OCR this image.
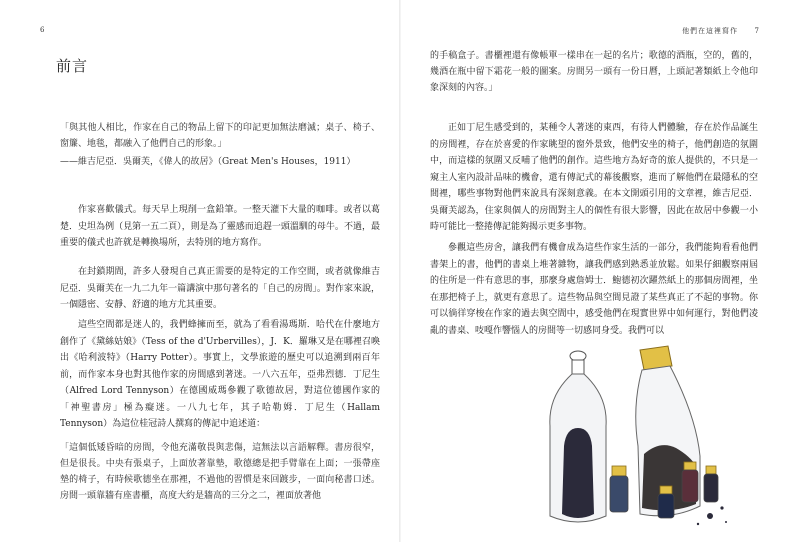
6
前言
「與其他人相比，作家在自己的物品上留下的印記更加無法磨滅；桌子、椅子、窗簾、地毯，都融入了他們自己的形象。」
——維吉尼亞．吳爾芙，《偉人的故居》（Great Men's Houses，1911）

作家喜歡儀式。每天早上現削一盒鉛筆。一整天灌下大量的咖啡。或者以葛楚．史坦為例（見第一五二頁），則是為了靈感而追趕一頭溫馴的母牛。不過，最重要的儀式也許就是轉換場所，去特別的地方寫作。

在封鎖期間，許多人發現自己真正需要的是特定的工作空間，或者就像維吉尼亞．吳爾芙在一九二九年一篇講演中那句著名的「自己的房間」。對作家來說，一個隱密、安靜、舒適的地方尤其重要。

這些空間都是迷人的，我們蜂擁而至，就為了看看湯瑪斯．哈代在什麼地方創作了《黛絲姑娘》（Tess of the d'Urbervilles），J．K．羅琳又是在哪裡召喚出《哈利波特》（Harry Potter）。事實上，文學旅遊的歷史可以追溯到兩百年前，而作家本身也對其他作家的房間感到著迷。一八六五年，亞弗烈德．丁尼生（Alfred Lord Tennyson）在德國威瑪參觀了歌德故居，對這位德國作家的「神聖書房」極為癡迷。一八九七年，其子哈勒姆．丁尼生（Hallam Tennyson）為這位桂冠詩人撰寫的傳記中追述道：

「這個低矮昏暗的房間，令他充滿敬畏與悲傷，這無法以言語解釋。書房很窄，但是很長。中央有張桌子，上面放著靠墊，歌德總是把手臂靠在上面；一張帶座墊的椅子，有時候歌德坐在那裡，不過他的習慣是來回踱步，一面向秘書口述。房間一頭靠牆有座書櫃，高度大約是牆高的三分之二，裡面放著他
他們在這裡寫作 7
的手稿盒子。書櫃裡還有像帳單一樣串在一起的名片；歌德的酒瓶，空的，舊的，幾酒在瓶中留下霜花一般的圖案。房間另一頭有一份日曆，上頭記著類紙上令他印象深刻的內容。」

正如丁尼生感受到的，某種令人著迷的東西，有待人們體驗，存在於作品誕生的房間裡，存在於喜愛的作家眺望的窗外景致，他們安坐的椅子，他們創造的氛圍中，而這樣的氛圍又反哺了他們的創作。這些地方為好奇的旅人提供的，不只是一窺主人室內設計品味的機會，還有傳記式的幕後觀察，進而了解他們在最隱私的空間裡，哪些事物對他們來說具有深刻意義。在本文開頭引用的文章裡，維吉尼亞．吳爾芙認為，住家與個人的房間對主人的個性有很大影響，因此在故居中參觀一小時可能比一整捲傳記能夠揭示更多事物。

參觀這些房舍，讓我們有機會成為這些作家生活的一部分，我們能夠看看他們書架上的書，他們的書桌上堆著雜物，讓我們感到熟悉並放鬆。如果仔細觀察兩屆的住所是一件有意思的事，那麼身處詹姆士．鮑德初次躍然紙上的那個房間裡，坐在那把椅子上，就更有意思了。這些物品與空間見證了某些真正了不起的事物。你可以徜徉穿梭在作家的過去與空間中，感受他們在現實世界中如何運行，對他們凌亂的書桌、吱嘎作響惱人的房間等一切感同身受。我們可以
